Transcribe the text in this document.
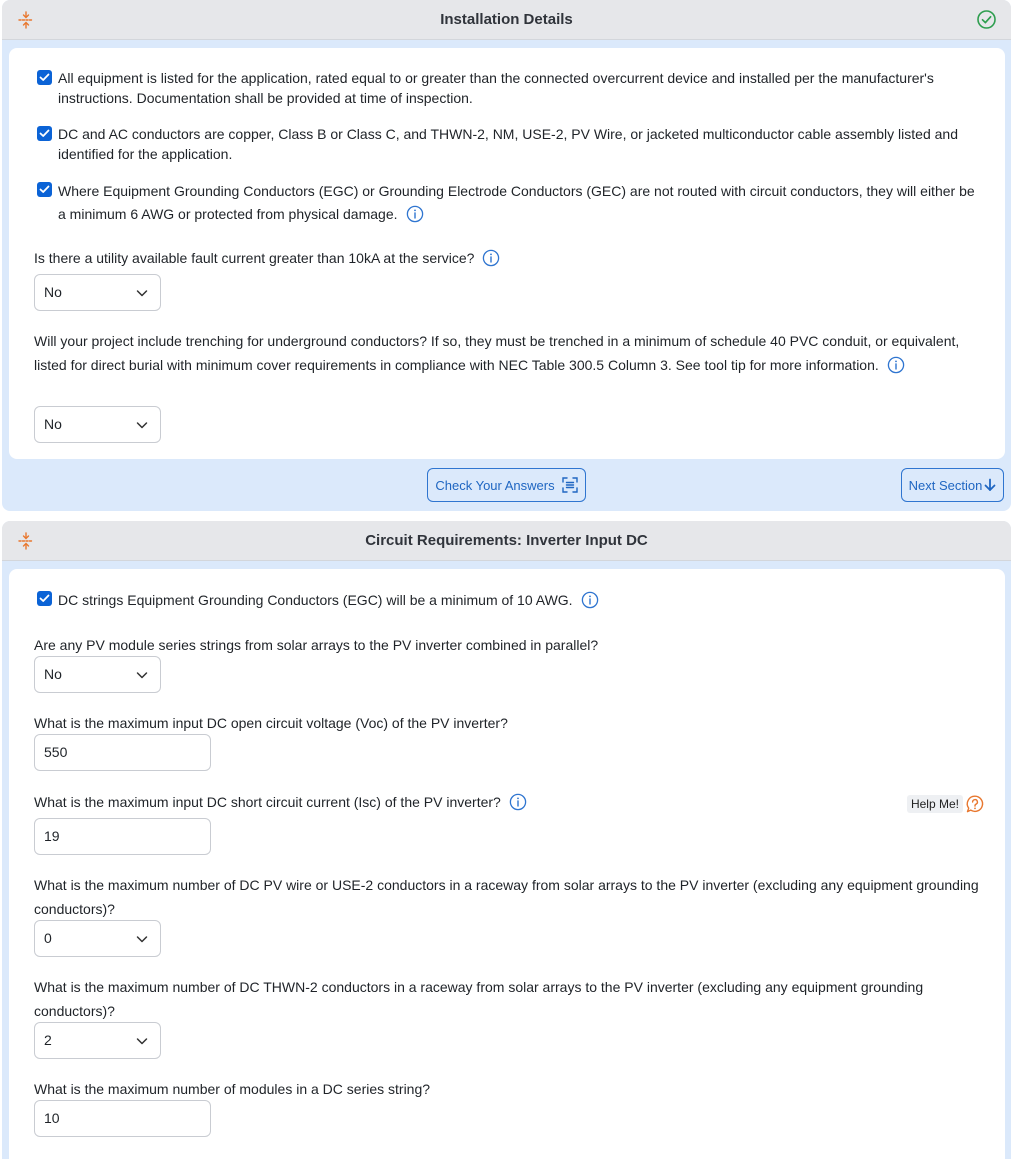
Installation Details
All equipment is listed for the application, rated equal to or greater than the connected overcurrent device and installed per the manufacturer's instructions. Documentation shall be provided at time of inspection.
DC and AC conductors are copper, Class B or Class C, and THWN-2, NM, USE-2, PV Wire, or jacketed multiconductor cable assembly listed and identified for the application.
Where Equipment Grounding Conductors (EGC) or Grounding Electrode Conductors (GEC) are not routed with circuit conductors, they will either be a minimum 6 AWG or protected from physical damage.
Is there a utility available fault current greater than 10kA at the service?
No
Will your project include trenching for underground conductors? If so, they must be trenched in a minimum of schedule 40 PVC conduit, or equivalent, listed for direct burial with minimum cover requirements in compliance with NEC Table 300.5 Column 3. See tool tip for more information.
No
Check Your Answers	Next Section
Circuit Requirements: Inverter Input DC
DC strings Equipment Grounding Conductors (EGC) will be a minimum of 10 AWG.
Are any PV module series strings from solar arrays to the PV inverter combined in parallel?
No
What is the maximum input DC open circuit voltage (Voc) of the PV inverter?
550
What is the maximum input DC short circuit current (Isc) of the PV inverter?	Help Me!
19
What is the maximum number of DC PV wire or USE-2 conductors in a raceway from solar arrays to the PV inverter (excluding any equipment grounding conductors)?
0
What is the maximum number of DC THWN-2 conductors in a raceway from solar arrays to the PV inverter (excluding any equipment grounding conductors)?
2
What is the maximum number of modules in a DC series string?
10
